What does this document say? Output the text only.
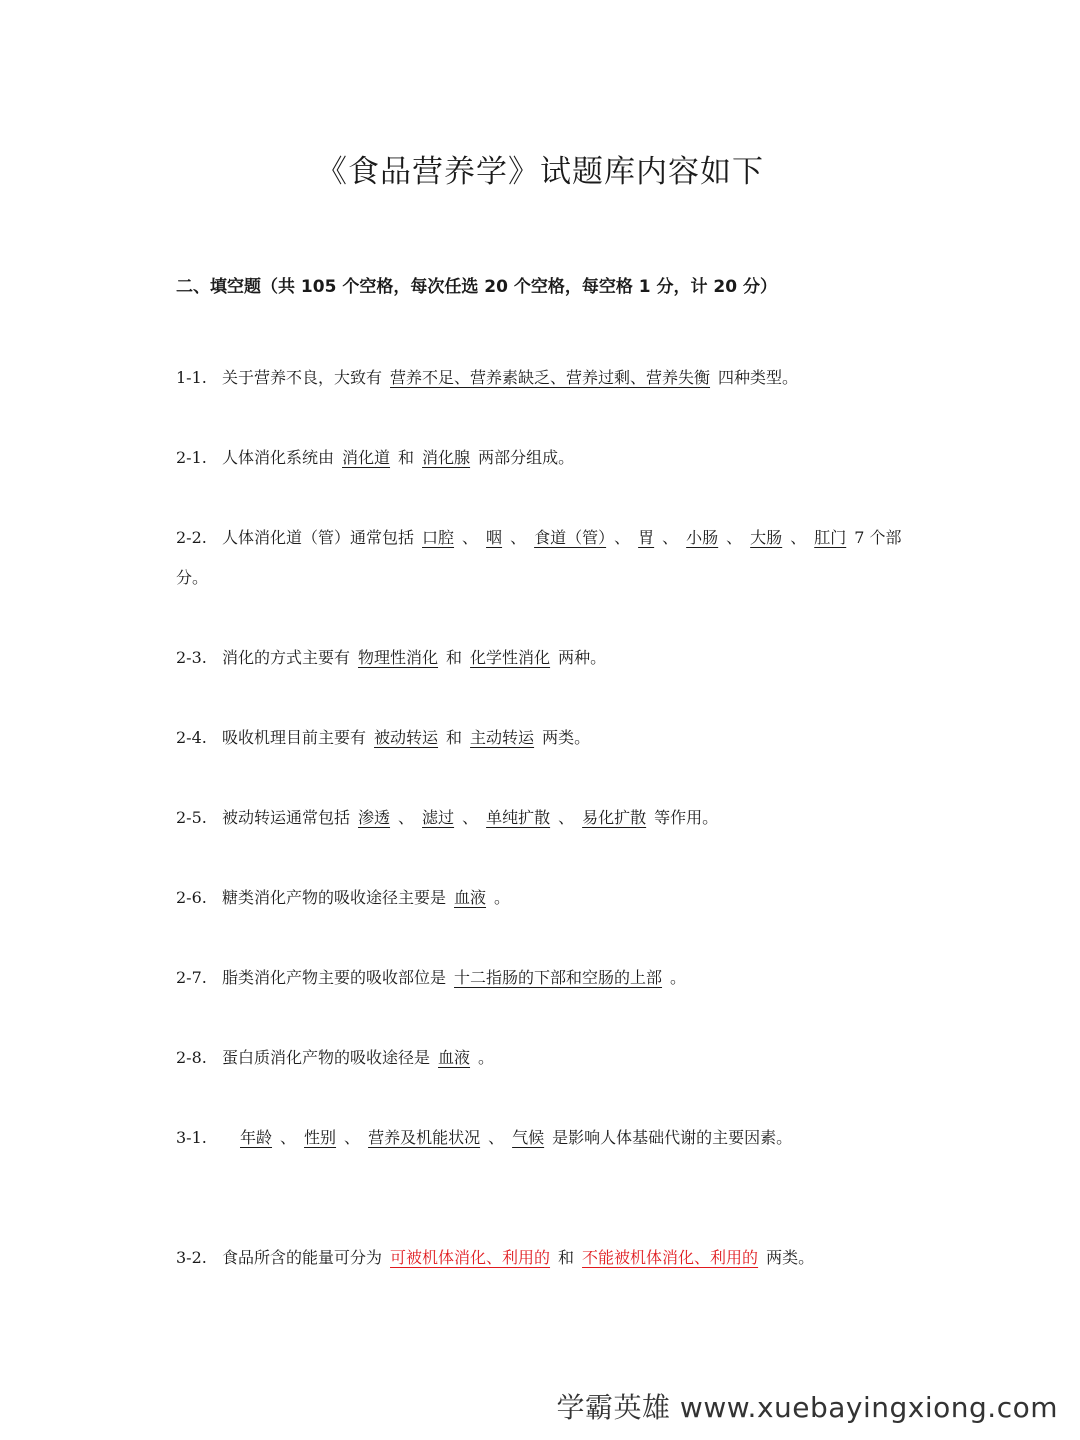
《食品营养学》试题库内容如下
二、填空题（共 105 个空格，每次任选 20 个空格，每空格 1 分，计 20 分）
1-1. 关于营养不良，大致有 营养不足、营养素缺乏、营养过剩、营养失衡 四种类型。
2-1. 人体消化系统由 消化道 和 消化腺 两部分组成。
2-2. 人体消化道（管）通常包括 口腔 、 咽 、 食道（管） 、 胃 、 小肠 、 大肠 、 肛门 7 个部分。
2-3. 消化的方式主要有 物理性消化 和 化学性消化 两种。
2-4. 吸收机理目前主要有 被动转运 和 主动转运 两类。
2-5. 被动转运通常包括 渗透 、 滤过 、 单纯扩散 、 易化扩散 等作用。
2-6. 糖类消化产物的吸收途径主要是 血液 。
2-7. 脂类消化产物主要的吸收部位是 十二指肠的下部和空肠的上部 。
2-8. 蛋白质消化产物的吸收途径是 血液 。
3-1. 年龄 、 性别 、 营养及机能状况 、 气候 是影响人体基础代谢的主要因素。
3-2. 食品所含的能量可分为 可被机体消化、利用的 和 不能被机体消化、利用的 两类。
学霸英雄 www.xuebayingxiong.com
